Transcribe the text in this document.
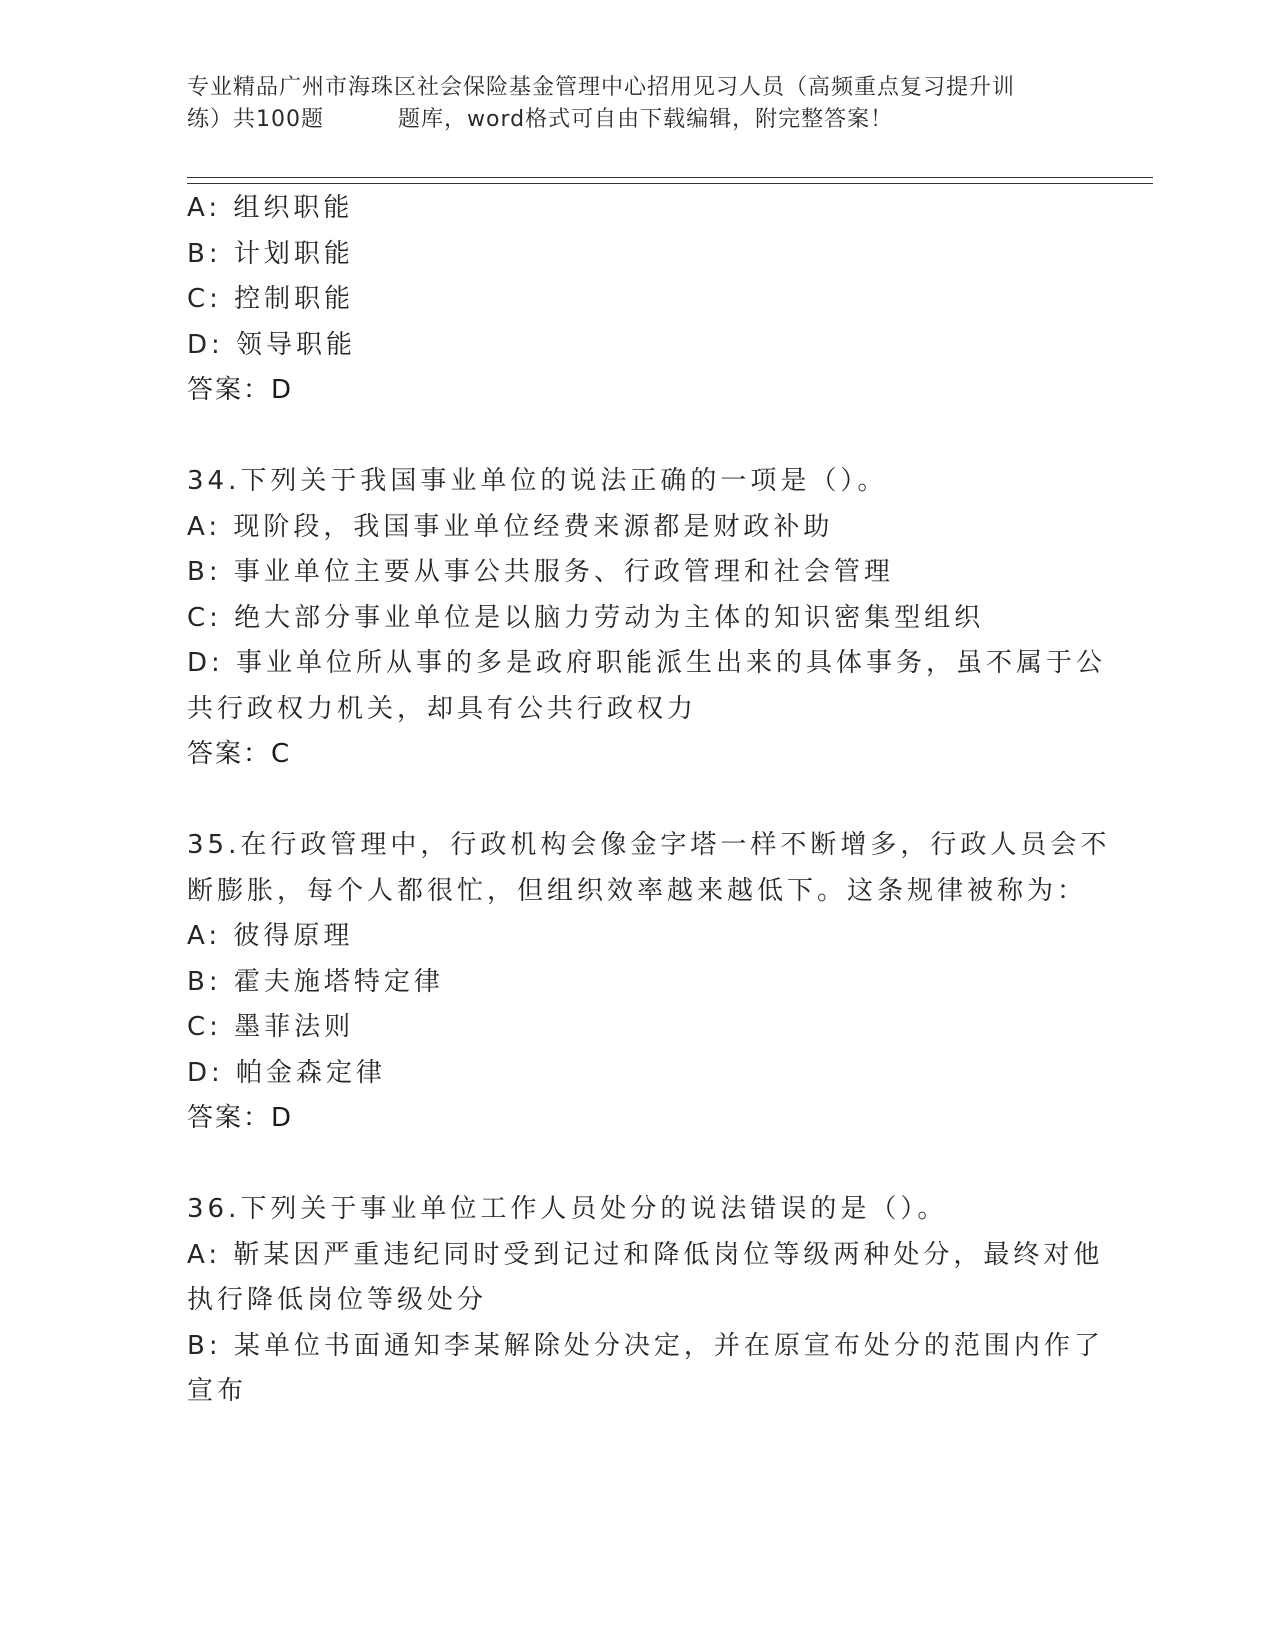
专业精品广州市海珠区社会保险基金管理中心招用见习人员（高频重点复习提升训
练）共100题	题库，word格式可自由下载编辑，附完整答案！
A: 组织职能
B: 计划职能
C: 控制职能
D: 领导职能
答案：D
34.下列关于我国事业单位的说法正确的一项是（）。
A: 现阶段，我国事业单位经费来源都是财政补助
B: 事业单位主要从事公共服务、行政管理和社会管理
C: 绝大部分事业单位是以脑力劳动为主体的知识密集型组织
D: 事业单位所从事的多是政府职能派生出来的具体事务，虽不属于公
共行政权力机关，却具有公共行政权力
答案：C
35.在行政管理中，行政机构会像金字塔一样不断增多，行政人员会不
断膨胀，每个人都很忙，但组织效率越来越低下。这条规律被称为：
A: 彼得原理
B: 霍夫施塔特定律
C: 墨菲法则
D: 帕金森定律
答案：D
36.下列关于事业单位工作人员处分的说法错误的是（）。
A: 靳某因严重违纪同时受到记过和降低岗位等级两种处分，最终对他
执行降低岗位等级处分
B: 某单位书面通知李某解除处分决定，并在原宣布处分的范围内作了
宣布
